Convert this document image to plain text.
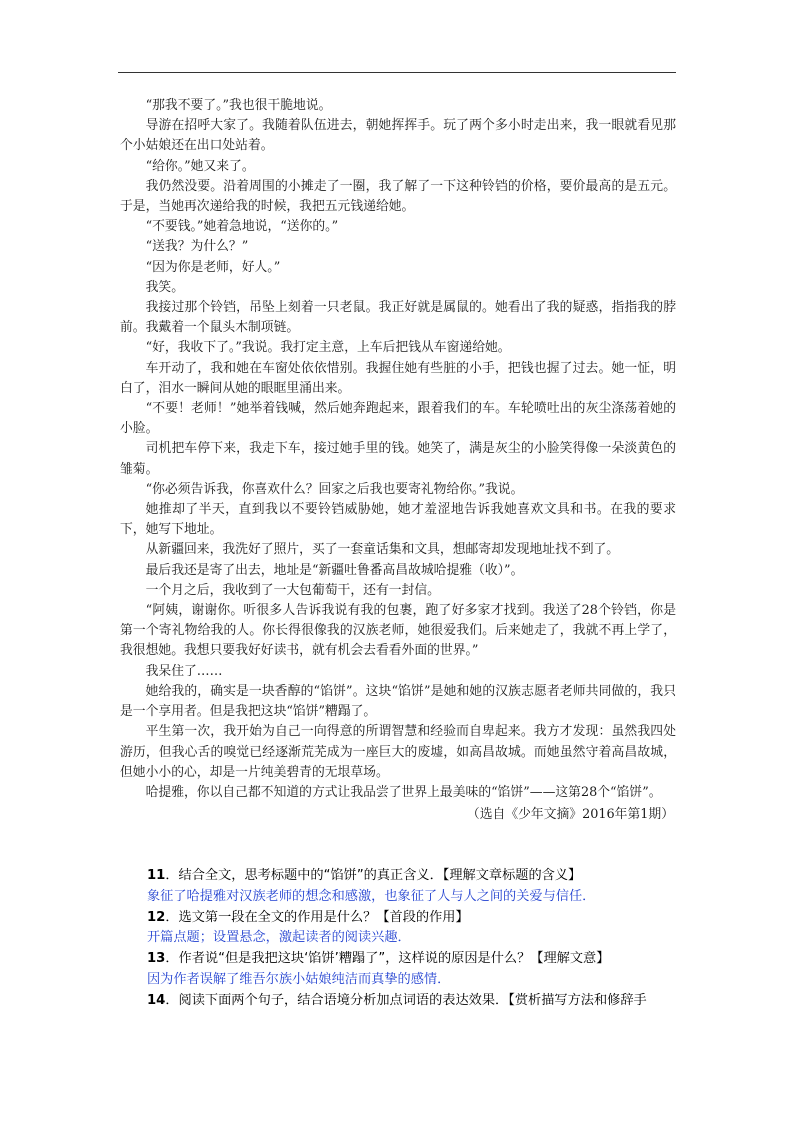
“那我不要了。”我也很干脆地说。

导游在招呼大家了。我随着队伍进去，朝她挥挥手。玩了两个多小时走出来，我一眼就看见那个小姑娘还在出口处站着。

“给你。”她又来了。

我仍然没要。沿着周围的小摊走了一圈，我了解了一下这种铃铛的价格，要价最高的是五元。于是，当她再次递给我的时候，我把五元钱递给她。

“不要钱。”她着急地说，“送你的。”

“送我？为什么？”

“因为你是老师，好人。”

我笑。

我接过那个铃铛，吊坠上刻着一只老鼠。我正好就是属鼠的。她看出了我的疑惑，指指我的脖前。我戴着一个鼠头木制项链。

“好，我收下了。”我说。我打定主意，上车后把钱从车窗递给她。

车开动了，我和她在车窗处依依惜别。我握住她有些脏的小手，把钱也握了过去。她一怔，明白了，泪水一瞬间从她的眼眶里涌出来。

“不要！老师！”她举着钱喊，然后她奔跑起来，跟着我们的车。车轮喷吐出的灰尘涤荡着她的小脸。

司机把车停下来，我走下车，接过她手里的钱。她笑了，满是灰尘的小脸笑得像一朵淡黄色的雏菊。

“你必须告诉我，你喜欢什么？回家之后我也要寄礼物给你。”我说。

她推却了半天，直到我以不要铃铛威胁她，她才羞涩地告诉我她喜欢文具和书。在我的要求下，她写下地址。

从新疆回来，我洗好了照片，买了一套童话集和文具，想邮寄却发现地址找不到了。

最后我还是寄了出去，地址是“新疆吐鲁番高昌故城哈提雅（收）”。

一个月之后，我收到了一大包葡萄干，还有一封信。

“阿姨，谢谢你。听很多人告诉我说有我的包裹，跑了好多家才找到。我送了28个铃铛，你是第一个寄礼物给我的人。你长得很像我的汉族老师，她很爱我们。后来她走了，我就不再上学了，我很想她。我想只要我好好读书，就有机会去看看外面的世界。”

我呆住了……

她给我的，确实是一块香醇的“馅饼”。这块“馅饼”是她和她的汉族志愿者老师共同做的，我只是一个享用者。但是我把这块“馅饼”糟蹋了。

平生第一次，我开始为自己一向得意的所谓智慧和经验而自卑起来。我方才发现：虽然我四处游历，但我心舌的嗅觉已经逐渐荒芜成为一座巨大的废墟，如高昌故城。而她虽然守着高昌故城，但她小小的心，却是一片纯美碧青的无垠草场。

哈提雅，你以自己都不知道的方式让我品尝了世界上最美味的“馅饼”——这第28个“馅饼”。

（选自《少年文摘》2016年第1期）

11．结合全文，思考标题中的“馅饼”的真正含义．【理解文章标题的含义】

象征了哈提雅对汉族老师的想念和感激，也象征了人与人之间的关爱与信任．

12．选文第一段在全文的作用是什么？【首段的作用】

开篇点题；设置悬念，激起读者的阅读兴趣．

13．作者说“但是我把这块‘馅饼’糟蹋了”，这样说的原因是什么？【理解文意】

因为作者误解了维吾尔族小姑娘纯洁而真挚的感情．

14．阅读下面两个句子，结合语境分析加点词语的表达效果．【赏析描写方法和修辞手
